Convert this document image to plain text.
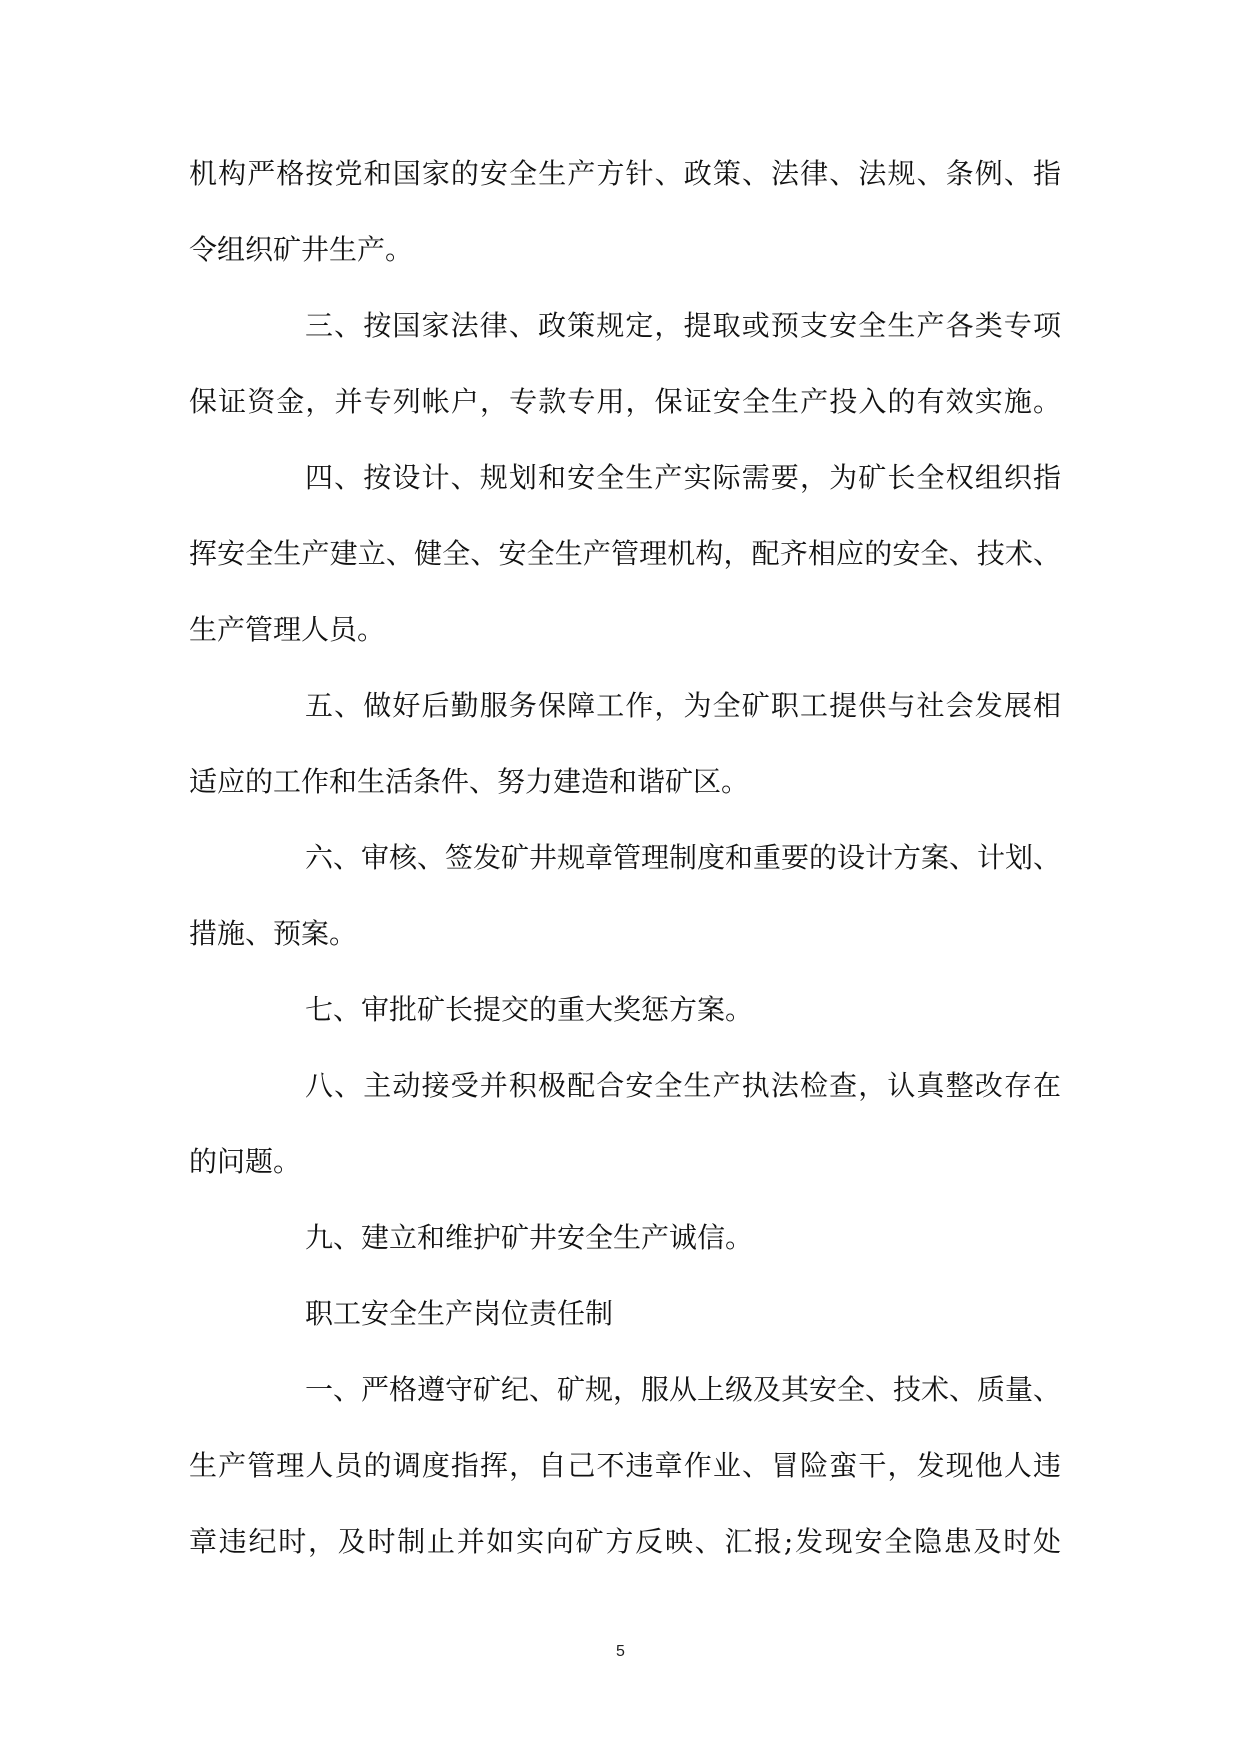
机构严格按党和国家的安全生产方针、政策、法律、法规、条例、指
令组织矿井生产。
三、按国家法律、政策规定，提取或预支安全生产各类专项
保证资金，并专列帐户，专款专用，保证安全生产投入的有效实施。
四、按设计、规划和安全生产实际需要，为矿长全权组织指
挥安全生产建立、健全、安全生产管理机构，配齐相应的安全、技术、
生产管理人员。
五、做好后勤服务保障工作，为全矿职工提供与社会发展相
适应的工作和生活条件、努力建造和谐矿区。
六、审核、签发矿井规章管理制度和重要的设计方案、计划、
措施、预案。
七、审批矿长提交的重大奖惩方案。
八、主动接受并积极配合安全生产执法检查，认真整改存在
的问题。
九、建立和维护矿井安全生产诚信。
职工安全生产岗位责任制
一、严格遵守矿纪、矿规，服从上级及其安全、技术、质量、
生产管理人员的调度指挥，自己不违章作业、冒险蛮干，发现他人违
章违纪时，及时制止并如实向矿方反映、汇报;发现安全隐患及时处
5
